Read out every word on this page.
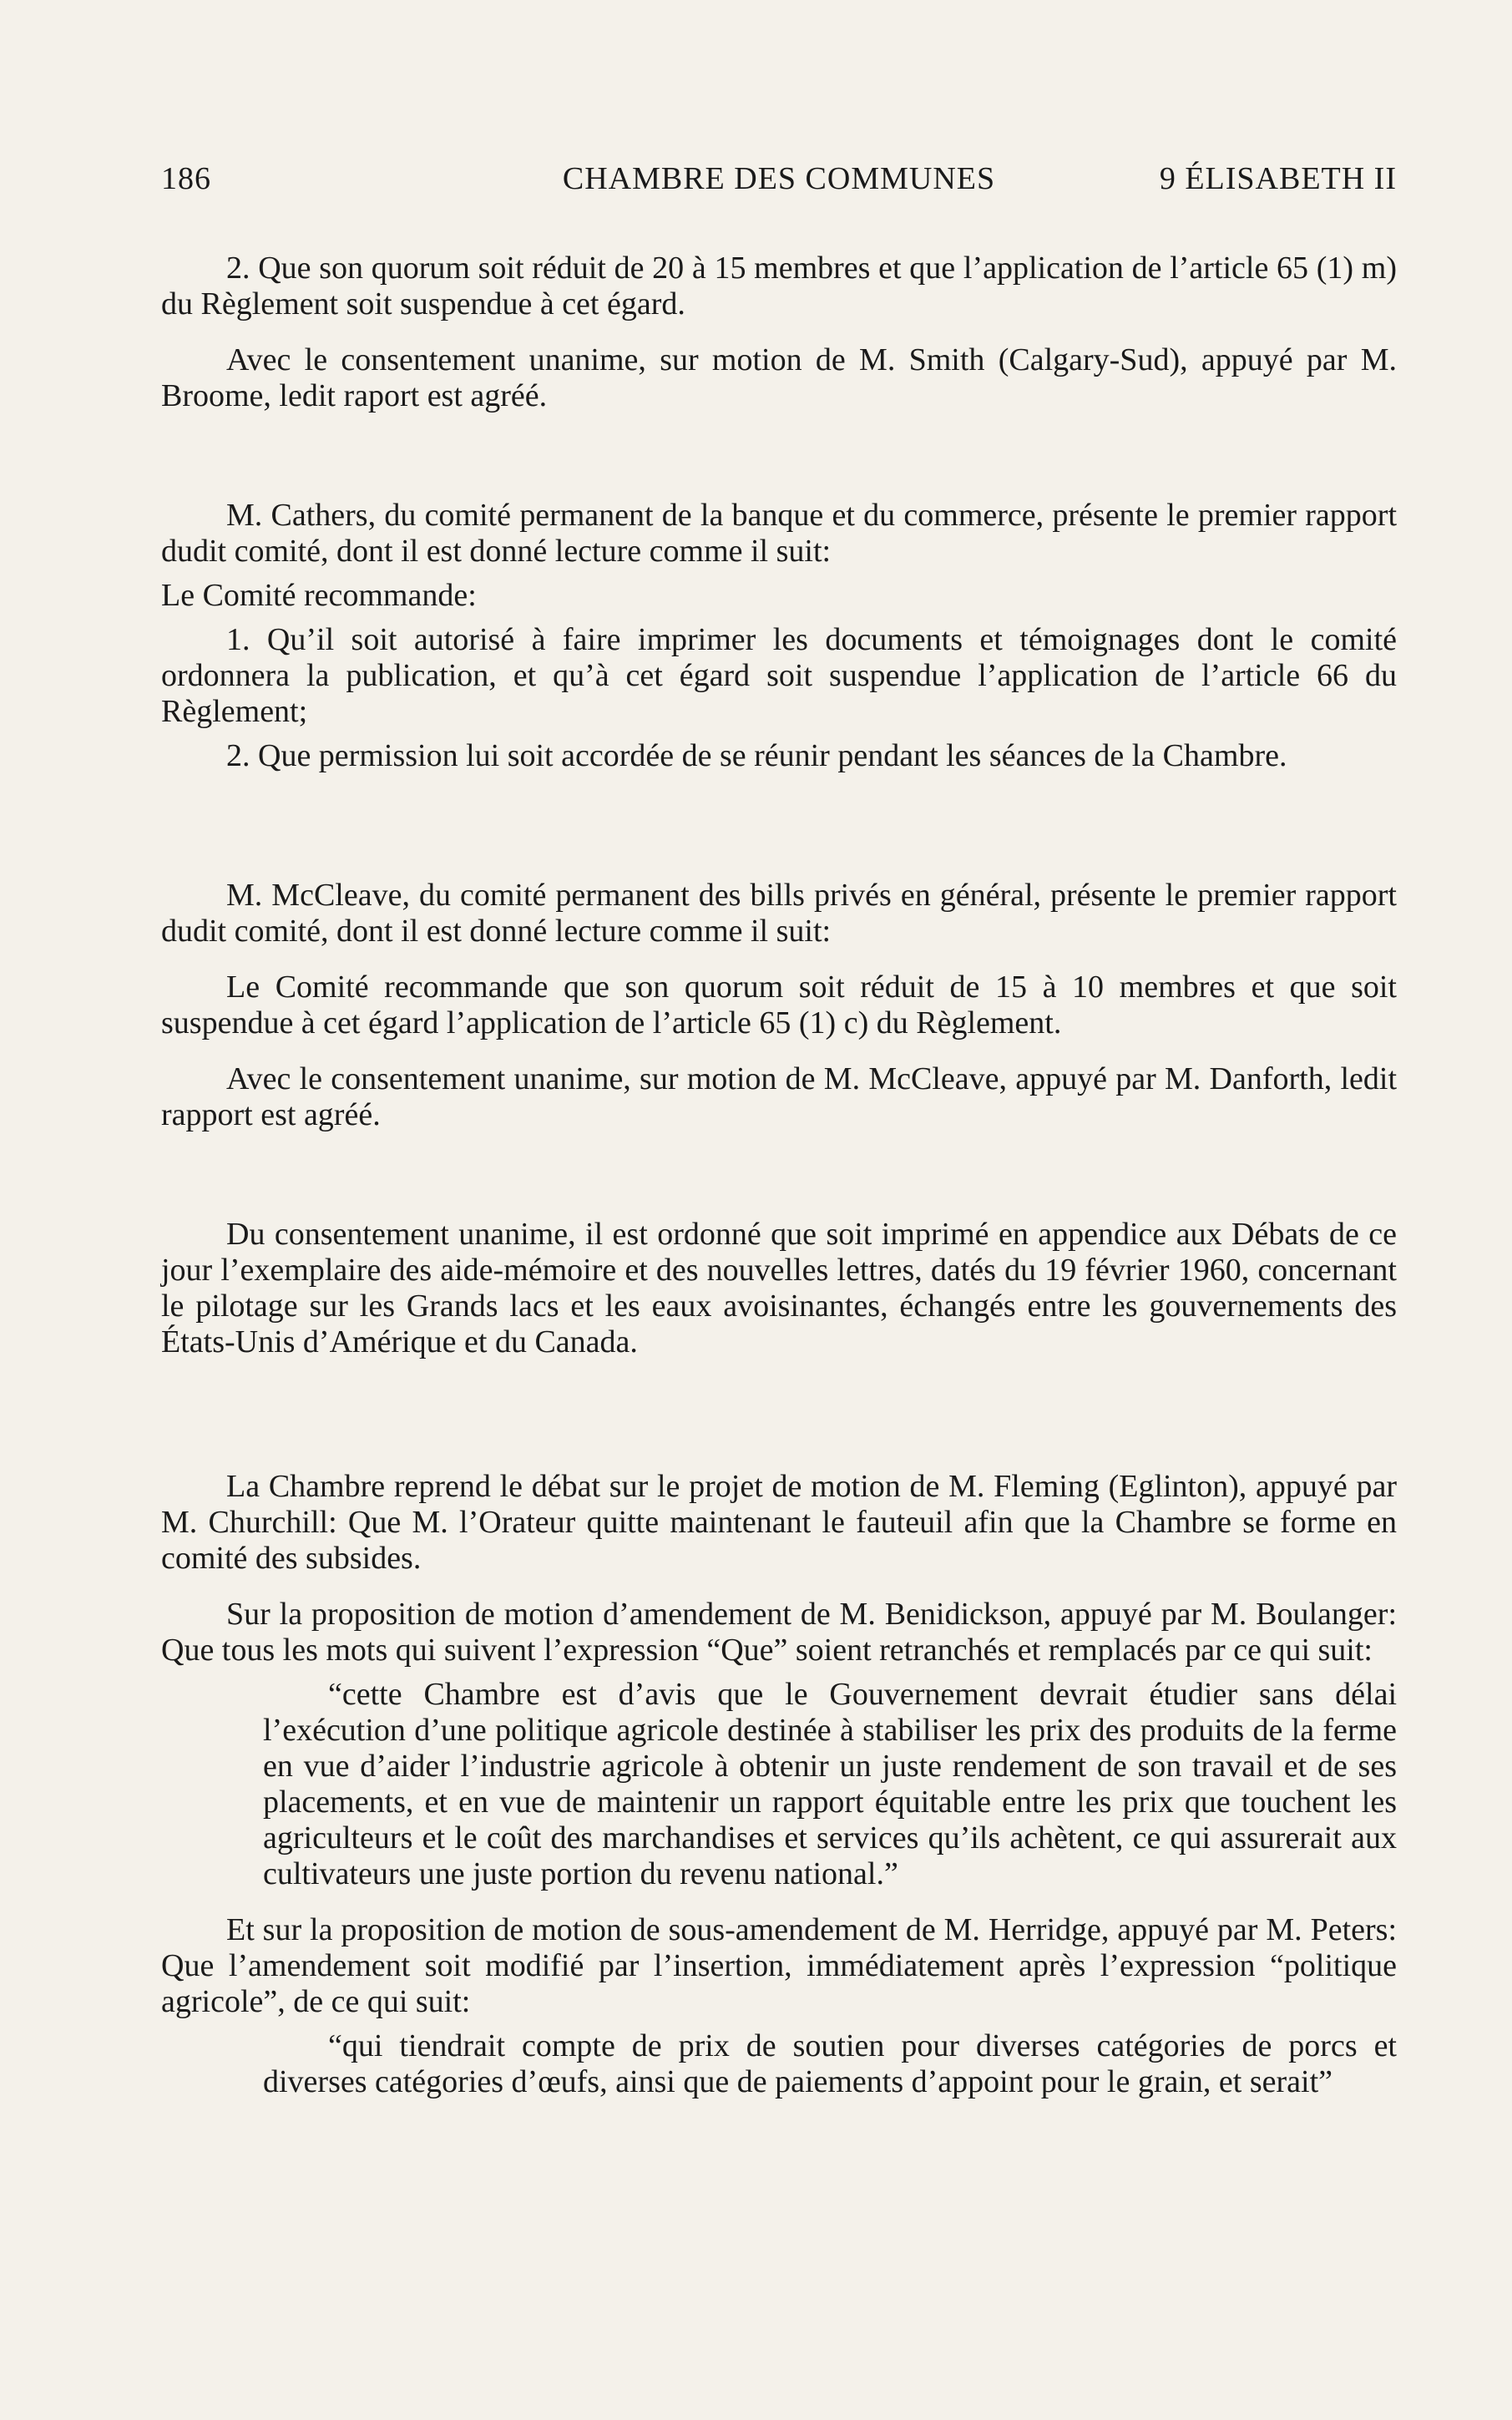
186	CHAMBRE DES COMMUNES	9 ÉLISABETH II

2. Que son quorum soit réduit de 20 à 15 membres et que l’application de l’article 65 (1) m) du Règlement soit suspendue à cet égard.

Avec le consentement unanime, sur motion de M. Smith (Calgary-Sud), appuyé par M. Broome, ledit raport est agréé.

M. Cathers, du comité permanent de la banque et du commerce, présente le premier rapport dudit comité, dont il est donné lecture comme il suit:

Le Comité recommande:

1. Qu’il soit autorisé à faire imprimer les documents et témoignages dont le comité ordonnera la publication, et qu’à cet égard soit suspendue l’application de l’article 66 du Règlement;

2. Que permission lui soit accordée de se réunir pendant les séances de la Chambre.

M. McCleave, du comité permanent des bills privés en général, présente le premier rapport dudit comité, dont il est donné lecture comme il suit:

Le Comité recommande que son quorum soit réduit de 15 à 10 membres et que soit suspendue à cet égard l’application de l’article 65 (1) c) du Règlement.

Avec le consentement unanime, sur motion de M. McCleave, appuyé par M. Danforth, ledit rapport est agréé.

Du consentement unanime, il est ordonné que soit imprimé en appendice aux Débats de ce jour l’exemplaire des aide-mémoire et des nouvelles lettres, datés du 19 février 1960, concernant le pilotage sur les Grands lacs et les eaux avoisinantes, échangés entre les gouvernements des États-Unis d’Amérique et du Canada.

La Chambre reprend le débat sur le projet de motion de M. Fleming (Eglinton), appuyé par M. Churchill: Que M. l’Orateur quitte maintenant le fauteuil afin que la Chambre se forme en comité des subsides.

Sur la proposition de motion d’amendement de M. Benidickson, appuyé par M. Boulanger: Que tous les mots qui suivent l’expression “Que” soient retranchés et remplacés par ce qui suit:

“cette Chambre est d’avis que le Gouvernement devrait étudier sans délai l’exécution d’une politique agricole destinée à stabiliser les prix des produits de la ferme en vue d’aider l’industrie agricole à obtenir un juste rendement de son travail et de ses placements, et en vue de maintenir un rapport équitable entre les prix que touchent les agriculteurs et le coût des marchandises et services qu’ils achètent, ce qui assurerait aux cultivateurs une juste portion du revenu national.”

Et sur la proposition de motion de sous-amendement de M. Herridge, appuyé par M. Peters: Que l’amendement soit modifié par l’insertion, immédiatement après l’expression “politique agricole”, de ce qui suit:

“qui tiendrait compte de prix de soutien pour diverses catégories de porcs et diverses catégories d’œufs, ainsi que de paiements d’appoint pour le grain, et serait”
